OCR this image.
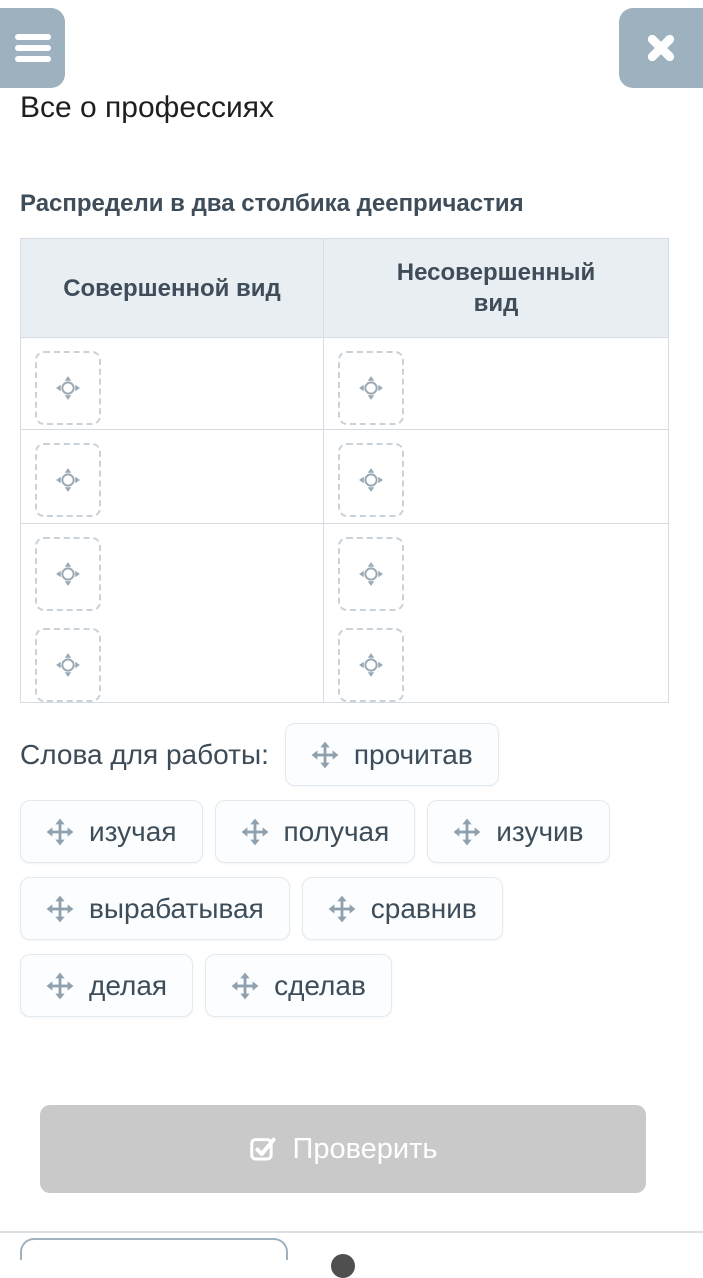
Все о профессиях
Распредели в два столбика деепричастия
Совершенной вид	Несовершенный вид

Слова для работы:	прочитав
изучая	получая	изучив
вырабатывая	сравнив
делая	сделав
Проверить
